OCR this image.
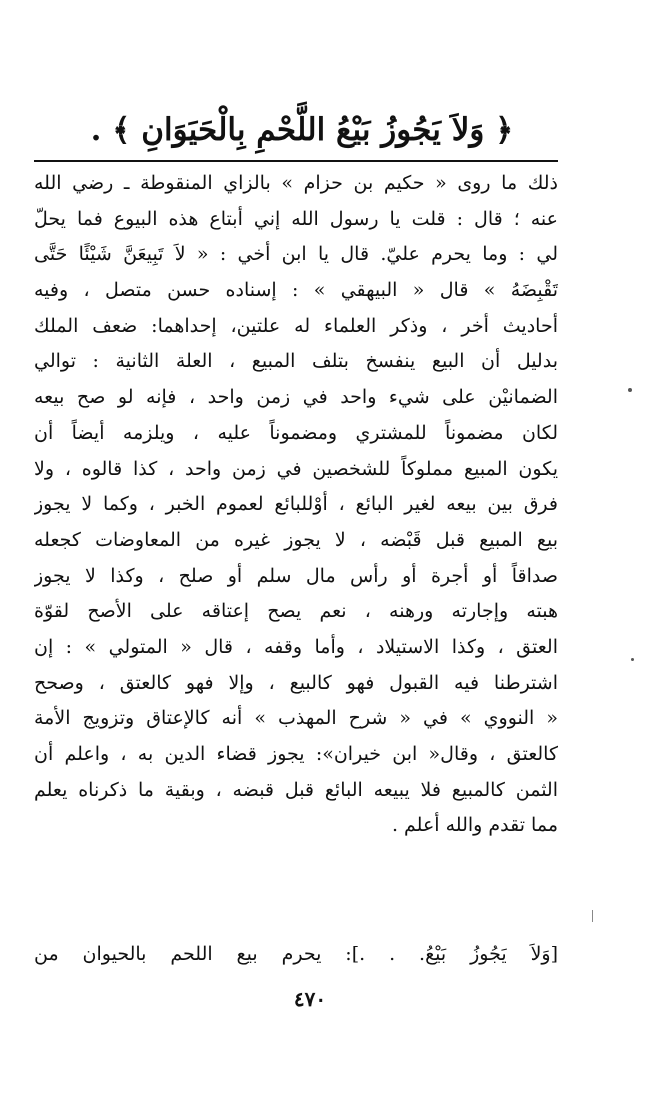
﴿ وَلاَ يَجُوزُ بَيْعُ اللَّحْمِ بِالْحَيَوَانِ ﴾ .
ذلك ما روى « حكيم بن حزام » بالزاي المنقوطة ـ رضي الله
عنه ؛ قال : قلت يا رسول الله إني أبتاع هذه البيوع فما يحلّ
لي : وما يحرم عليّ. قال يا ابن أخي : « لاَ تَبِيعَنَّ شَيْئًا حَتَّى
تَقْبِضَهُ » قال « البيهقي » : إسناده حسن متصل ، وفيه
أحاديث أخر ، وذكر العلماء له علتين، إحداهما: ضعف الملك
بدليل أن البيع ينفسخ بتلف المبيع ، العلة الثانية : توالي
الضمانيْن على شيء واحد في زمن واحد ، فإنه لو صح بيعه
لكان مضموناً للمشتري ومضموناً عليه ، ويلزمه أيضاً أن
يكون المبيع مملوكاً للشخصين في زمن واحد ، كذا قالوه ، ولا
فرق بين بيعه لغير البائع ، أوْللبائع لعموم الخبر ، وكما لا يجوز
بيع المبيع قبل قَبْضه ، لا يجوز غيره من المعاوضات كجعله
صداقاً أو أجرة أو رأس مال سلم أو صلح ، وكذا لا يجوز
هبته وإجارته ورهنه ، نعم يصح إعتاقه على الأصح لقوّة
العتق ، وكذا الاستيلاد ، وأما وقفه ، قال « المتولي » : إن
اشترطنا فيه القبول فهو كالبيع ، وإلا فهو كالعتق ، وصحح
« النووي » في « شرح المهذب » أنه كالإعتاق وتزويج الأمة
كالعتق ، وقال« ابن خيران»: يجوز قضاء الدين به ، واعلم أن
الثمن كالمبيع فلا يبيعه البائع قبل قبضه ، وبقية ما ذكرناه يعلم
مما تقدم والله أعلم .
[وَلاَ يَجُوزُ بَيْعُ. . .]: يحرم بيع اللحم بالحيوان من
٤٧٠
